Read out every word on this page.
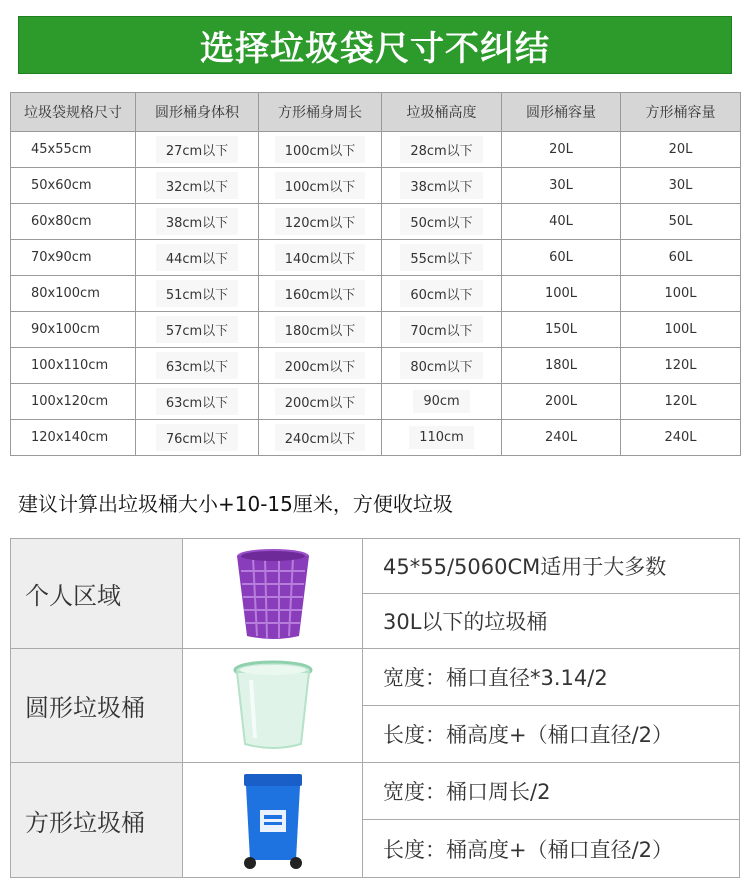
选择垃圾袋尺寸不纠结
垃圾袋规格尺寸	圆形桶身体积	方形桶身周长	垃圾桶高度	圆形桶容量	方形桶容量
45x55cm	27cm以下	100cm以下	28cm以下	20L	20L
50x60cm	32cm以下	100cm以下	38cm以下	30L	30L
60x80cm	38cm以下	120cm以下	50cm以下	40L	50L
70x90cm	44cm以下	140cm以下	55cm以下	60L	60L
80x100cm	51cm以下	160cm以下	60cm以下	100L	100L
90x100cm	57cm以下	180cm以下	70cm以下	150L	100L
100x110cm	63cm以下	200cm以下	80cm以下	180L	120L
100x120cm	63cm以下	200cm以下	90cm	200L	120L
120x140cm	76cm以下	240cm以下	110cm	240L	240L
建议计算出垃圾桶大小+10-15厘米，方便收垃圾
个人区域
45*55/5060CM适用于大多数
30L以下的垃圾桶
圆形垃圾桶
宽度：桶口直径*3.14/2
长度：桶高度+（桶口直径/2）
方形垃圾桶
宽度：桶口周长/2
长度：桶高度+（桶口直径/2）
